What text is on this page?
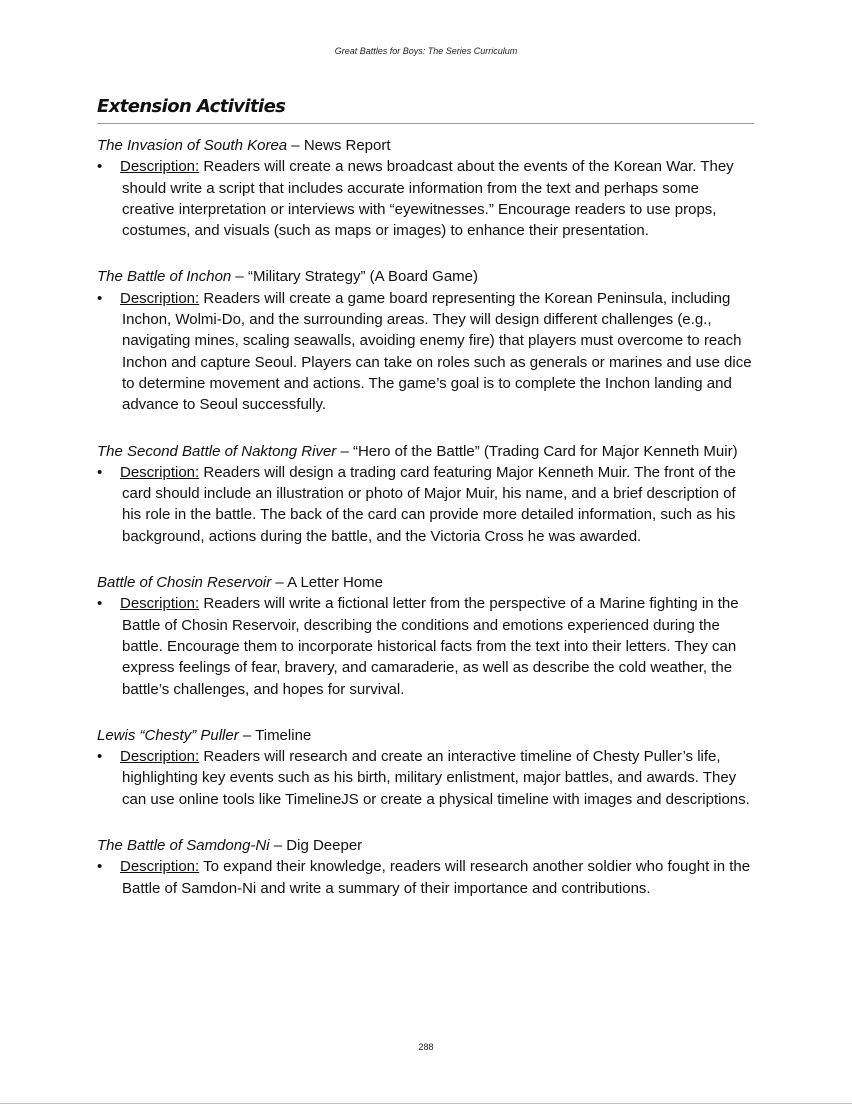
Great Battles for Boys: The Series Curriculum
Extension Activities

The Invasion of South Korea – News Report

• Description: Readers will create a news broadcast about the events of the Korean War. They should write a script that includes accurate information from the text and perhaps some creative interpretation or interviews with “eyewitnesses.” Encourage readers to use props, costumes, and visuals (such as maps or images) to enhance their presentation.

The Battle of Inchon – “Military Strategy” (A Board Game)

• Description: Readers will create a game board representing the Korean Peninsula, including Inchon, Wolmi-Do, and the surrounding areas. They will design different challenges (e.g., navigating mines, scaling seawalls, avoiding enemy fire) that players must overcome to reach Inchon and capture Seoul. Players can take on roles such as generals or marines and use dice to determine movement and actions. The game’s goal is to complete the Inchon landing and advance to Seoul successfully.

The Second Battle of Naktong River – “Hero of the Battle” (Trading Card for Major Kenneth Muir)

• Description: Readers will design a trading card featuring Major Kenneth Muir. The front of the card should include an illustration or photo of Major Muir, his name, and a brief description of his role in the battle. The back of the card can provide more detailed information, such as his background, actions during the battle, and the Victoria Cross he was awarded.

Battle of Chosin Reservoir – A Letter Home

• Description: Readers will write a fictional letter from the perspective of a Marine fighting in the Battle of Chosin Reservoir, describing the conditions and emotions experienced during the battle. Encourage them to incorporate historical facts from the text into their letters. They can express feelings of fear, bravery, and camaraderie, as well as describe the cold weather, the battle’s challenges, and hopes for survival.

Lewis “Chesty” Puller – Timeline

• Description: Readers will research and create an interactive timeline of Chesty Puller’s life, highlighting key events such as his birth, military enlistment, major battles, and awards. They can use online tools like TimelineJS or create a physical timeline with images and descriptions.

The Battle of Samdong-Ni – Dig Deeper

• Description: To expand their knowledge, readers will research another soldier who fought in the Battle of Samdon-Ni and write a summary of their importance and contributions.
288
